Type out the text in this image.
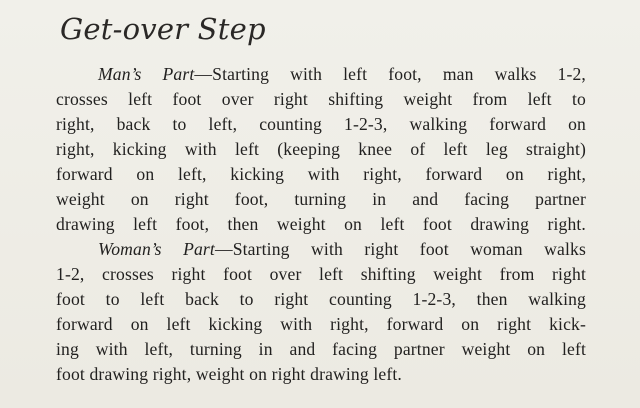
Get-over Step
Man’s Part—Starting with left foot, man walks 1-2,
crosses left foot over right shifting weight from left to
right, back to left, counting 1-2-3, walking forward on
right, kicking with left (keeping knee of left leg straight)
forward on left, kicking with right, forward on right,
weight on right foot, turning in and facing partner
drawing left foot, then weight on left foot drawing right.
Woman’s Part—Starting with right foot woman walks
1-2, crosses right foot over left shifting weight from right
foot to left back to right counting 1-2-3, then walking
forward on left kicking with right, forward on right kick-
ing with left, turning in and facing partner weight on left
foot drawing right, weight on right drawing left.
